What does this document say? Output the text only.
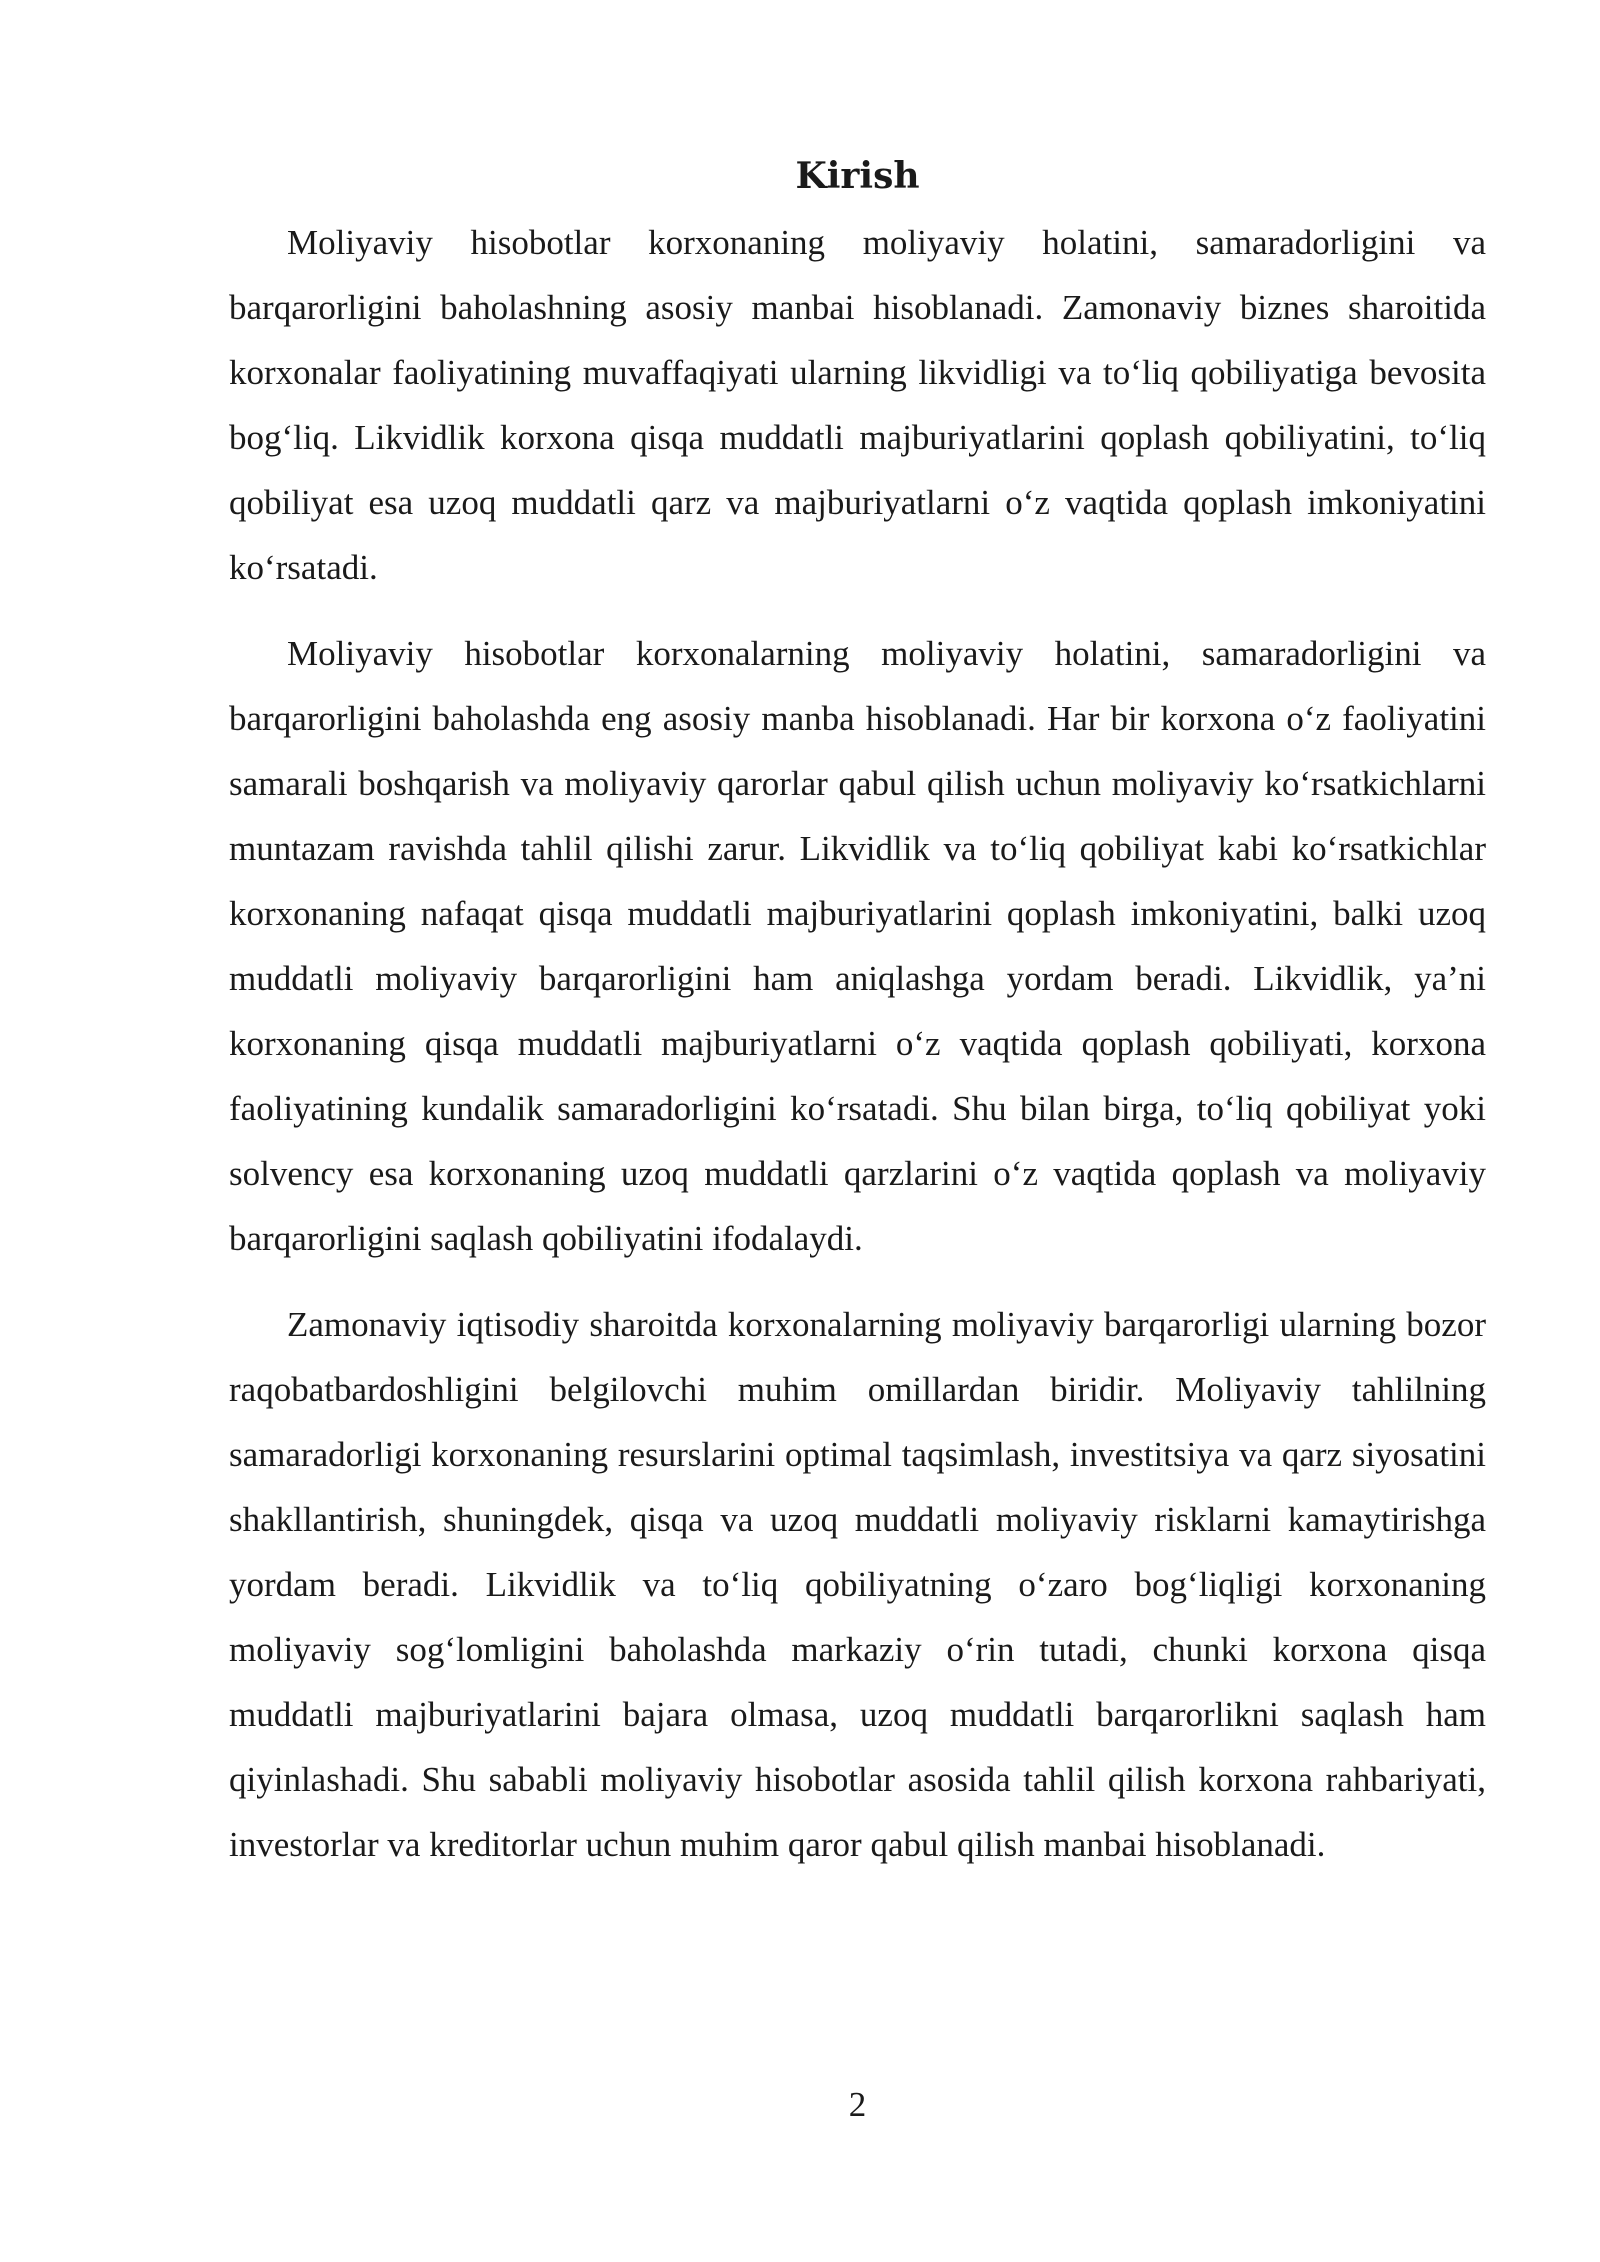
Kirish

Moliyaviy hisobotlar korxonaning moliyaviy holatini, samaradorligini va barqarorligini baholashning asosiy manbai hisoblanadi. Zamonaviy biznes sharoitida korxonalar faoliyatining muvaffaqiyati ularning likvidligi va to‘liq qobiliyatiga bevosita bog‘liq. Likvidlik korxona qisqa muddatli majburiyatlarini qoplash qobiliyatini, to‘liq qobiliyat esa uzoq muddatli qarz va majburiyatlarni o‘z vaqtida qoplash imkoniyatini ko‘rsatadi.

Moliyaviy hisobotlar korxonalarning moliyaviy holatini, samaradorligini va barqarorligini baholashda eng asosiy manba hisoblanadi. Har bir korxona o‘z faoliyatini samarali boshqarish va moliyaviy qarorlar qabul qilish uchun moliyaviy ko‘rsatkichlarni muntazam ravishda tahlil qilishi zarur. Likvidlik va to‘liq qobiliyat kabi ko‘rsatkichlar korxonaning nafaqat qisqa muddatli majburiyatlarini qoplash imkoniyatini, balki uzoq muddatli moliyaviy barqarorligini ham aniqlashga yordam beradi. Likvidlik, ya’ni korxonaning qisqa muddatli majburiyatlarni o‘z vaqtida qoplash qobiliyati, korxona faoliyatining kundalik samaradorligini ko‘rsatadi. Shu bilan birga, to‘liq qobiliyat yoki solvency esa korxonaning uzoq muddatli qarzlarini o‘z vaqtida qoplash va moliyaviy barqarorligini saqlash qobiliyatini ifodalaydi.

Zamonaviy iqtisodiy sharoitda korxonalarning moliyaviy barqarorligi ularning bozor raqobatbardoshligini belgilovchi muhim omillardan biridir. Moliyaviy tahlilning samaradorligi korxonaning resurslarini optimal taqsimlash, investitsiya va qarz siyosatini shakllantirish, shuningdek, qisqa va uzoq muddatli moliyaviy risklarni kamaytirishga yordam beradi. Likvidlik va to‘liq qobiliyatning o‘zaro bog‘liqligi korxonaning moliyaviy sog‘lomligini baholashda markaziy o‘rin tutadi, chunki korxona qisqa muddatli majburiyatlarini bajara olmasa, uzoq muddatli barqarorlikni saqlash ham qiyinlashadi. Shu sababli moliyaviy hisobotlar asosida tahlil qilish korxona rahbariyati, investorlar va kreditorlar uchun muhim qaror qabul qilish manbai hisoblanadi.

2
